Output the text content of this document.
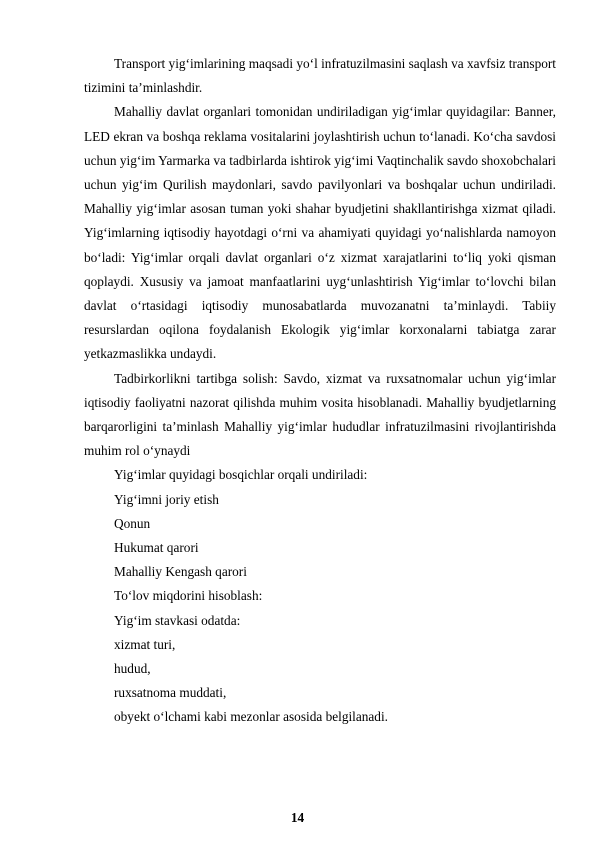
Transport yig‘imlarining maqsadi yo‘l infratuzilmasini saqlash va xavfsiz transport tizimini ta’minlashdir.

Mahalliy davlat organlari tomonidan undiriladigan yig‘imlar quyidagilar: Banner, LED ekran va boshqa reklama vositalarini joylashtirish uchun to‘lanadi. Ko‘cha savdosi uchun yig‘im Yarmarka va tadbirlarda ishtirok yig‘imi Vaqtinchalik savdo shoxobchalari uchun yig‘im Qurilish maydonlari, savdo pavilyonlari va boshqalar uchun undiriladi. Mahalliy yig‘imlar asosan tuman yoki shahar byudjetini shakllantirishga xizmat qiladi. Yig‘imlarning iqtisodiy hayotdagi o‘rni va ahamiyati quyidagi yo‘nalishlarda namoyon bo‘ladi: Yig‘imlar orqali davlat organlari o‘z xizmat xarajatlarini to‘liq yoki qisman qoplaydi. Xususiy va jamoat manfaatlarini uyg‘unlashtirish Yig‘imlar to‘lovchi bilan davlat o‘rtasidagi iqtisodiy munosabatlarda muvozanatni ta’minlaydi. Tabiiy resurslardan oqilona foydalanish Ekologik yig‘imlar korxonalarni tabiatga zarar yetkazmaslikka undaydi.

Tadbirkorlikni tartibga solish: Savdo, xizmat va ruxsatnomalar uchun yig‘imlar iqtisodiy faoliyatni nazorat qilishda muhim vosita hisoblanadi. Mahalliy byudjetlarning barqarorligini ta’minlash Mahalliy yig‘imlar hududlar infratuzilmasini rivojlantirishda muhim rol o‘ynaydi

Yig‘imlar quyidagi bosqichlar orqali undiriladi:
Yig‘imni joriy etish
Qonun
Hukumat qarori
Mahalliy Kengash qarori
To‘lov miqdorini hisoblash:
Yig‘im stavkasi odatda:
xizmat turi,
hudud,
ruxsatnoma muddati,
obyekt o‘lchami kabi mezonlar asosida belgilanadi.
14
